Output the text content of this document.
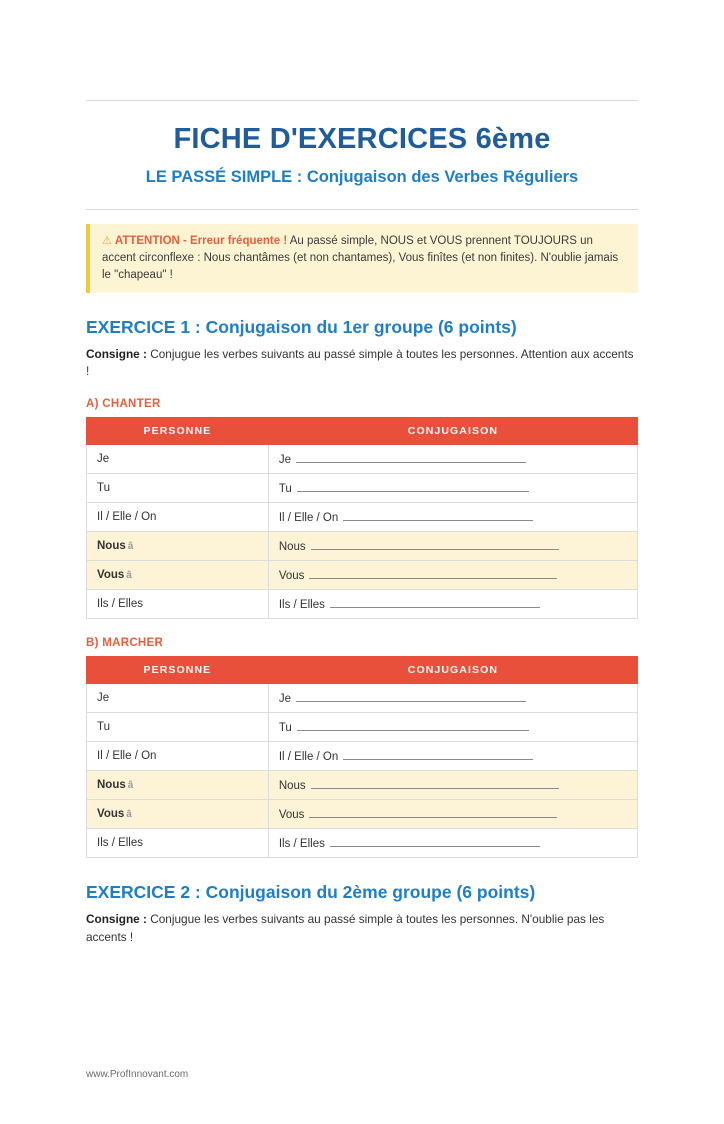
FICHE D'EXERCICES 6ème
LE PASSÉ SIMPLE : Conjugaison des Verbes Réguliers
⚠ ATTENTION - Erreur fréquente ! Au passé simple, NOUS et VOUS prennent TOUJOURS un accent circonflexe : Nous chantâmes (et non chantames), Vous finîtes (et non finites). N'oublie jamais le "chapeau" !
EXERCICE 1 : Conjugaison du 1er groupe (6 points)

Consigne : Conjugue les verbes suivants au passé simple à toutes les personnes. Attention aux accents !

A) CHANTER
PERSONNE	CONJUGAISON
Je	Je
Tu	Tu
Il / Elle / On	Il / Elle / On
Nous â	Nous
Vous â	Vous
Ils / Elles	Ils / Elles
B) MARCHER
PERSONNE	CONJUGAISON
Je	Je
Tu	Tu
Il / Elle / On	Il / Elle / On
Nous â	Nous
Vous â	Vous
Ils / Elles	Ils / Elles
EXERCICE 2 : Conjugaison du 2ème groupe (6 points)

Consigne : Conjugue les verbes suivants au passé simple à toutes les personnes. N'oublie pas les accents !

www.ProfInnovant.com
